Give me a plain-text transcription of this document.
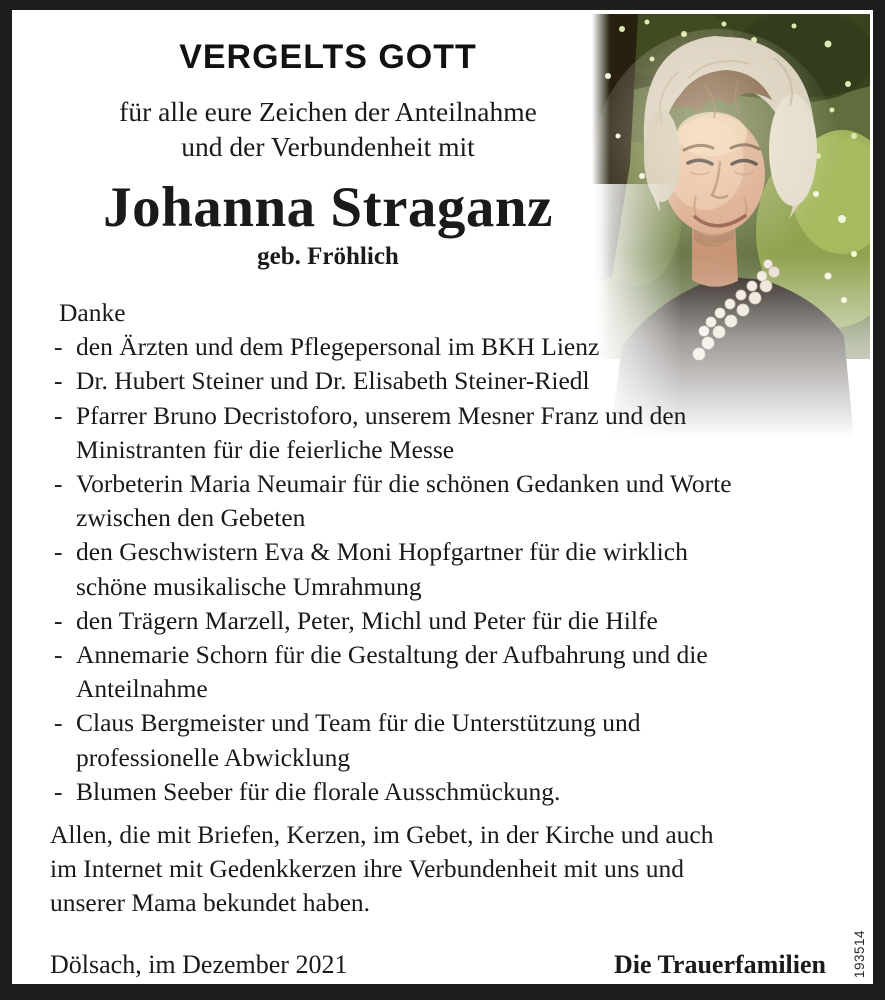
VERGELTS GOTT
für alle eure Zeichen der Anteilnahme
und der Verbundenheit mit
Johanna Straganz
geb. Fröhlich
Danke
- den Ärzten und dem Pflegepersonal im BKH Lienz
- Dr. Hubert Steiner und Dr. Elisabeth Steiner-Riedl
- Pfarrer Bruno Decristoforo, unserem Mesner Franz und den
Ministranten für die feierliche Messe
- Vorbeterin Maria Neumair für die schönen Gedanken und Worte
zwischen den Gebeten
- den Geschwistern Eva & Moni Hopfgartner für die wirklich
schöne musikalische Umrahmung
- den Trägern Marzell, Peter, Michl und Peter für die Hilfe
- Annemarie Schorn für die Gestaltung der Aufbahrung und die
Anteilnahme
- Claus Bergmeister und Team für die Unterstützung und
professionelle Abwicklung
- Blumen Seeber für die florale Ausschmückung.
Allen, die mit Briefen, Kerzen, im Gebet, in der Kirche und auch
im Internet mit Gedenkkerzen ihre Verbundenheit mit uns und
unserer Mama bekundet haben.
Dölsach, im Dezember 2021	Die Trauerfamilien	193514
